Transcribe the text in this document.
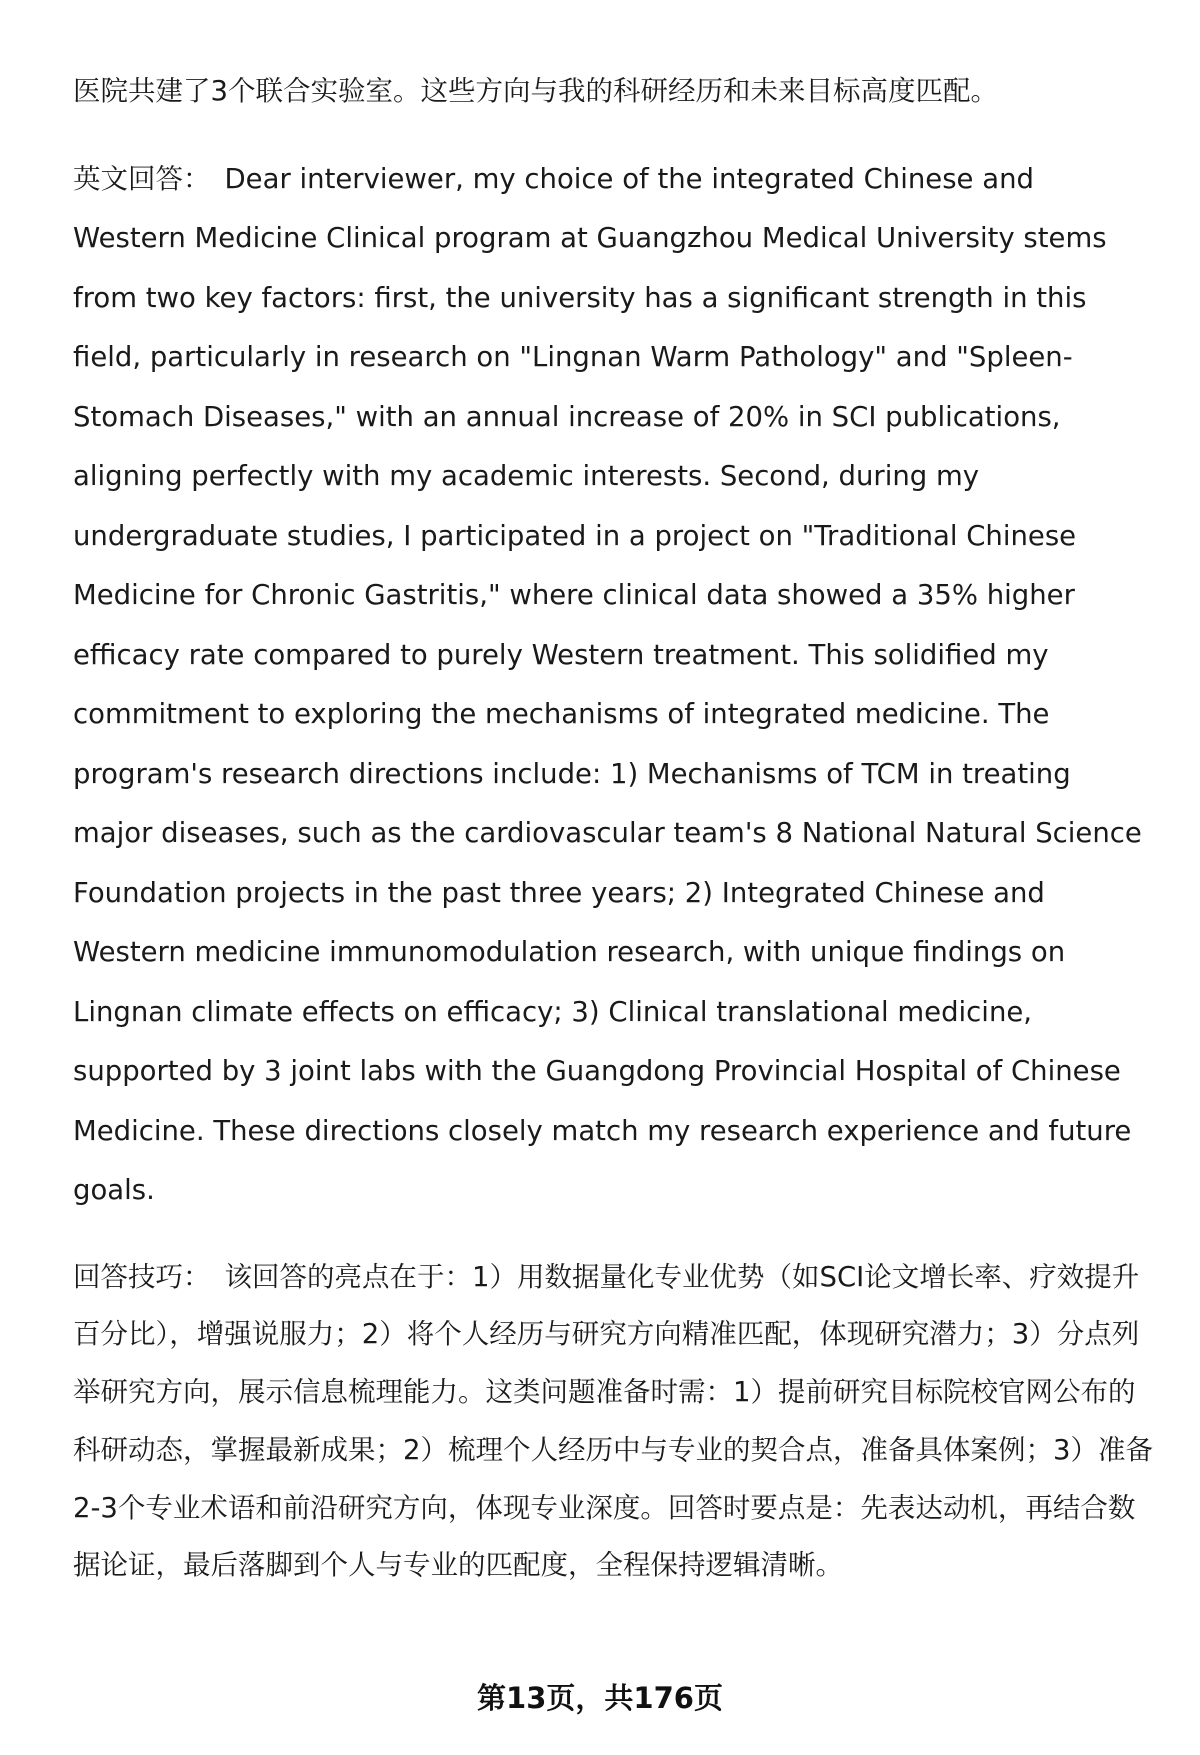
医院共建了3个联合实验室。这些方向与我的科研经历和未来目标高度匹配。

英文回答： Dear interviewer, my choice of the integrated Chinese and Western Medicine Clinical program at Guangzhou Medical University stems from two key factors: first, the university has a significant strength in this field, particularly in research on "Lingnan Warm Pathology" and "Spleen-Stomach Diseases," with an annual increase of 20% in SCI publications, aligning perfectly with my academic interests. Second, during my undergraduate studies, I participated in a project on "Traditional Chinese Medicine for Chronic Gastritis," where clinical data showed a 35% higher efficacy rate compared to purely Western treatment. This solidified my commitment to exploring the mechanisms of integrated medicine. The program's research directions include: 1) Mechanisms of TCM in treating major diseases, such as the cardiovascular team's 8 National Natural Science Foundation projects in the past three years; 2) Integrated Chinese and Western medicine immunomodulation research, with unique findings on Lingnan climate effects on efficacy; 3) Clinical translational medicine, supported by 3 joint labs with the Guangdong Provincial Hospital of Chinese Medicine. These directions closely match my research experience and future goals.

回答技巧： 该回答的亮点在于：1）用数据量化专业优势（如SCI论文增长率、疗效提升百分比），增强说服力；2）将个人经历与研究方向精准匹配，体现研究潜力；3）分点列举研究方向，展示信息梳理能力。这类问题准备时需：1）提前研究目标院校官网公布的科研动态，掌握最新成果；2）梳理个人经历中与专业的契合点，准备具体案例；3）准备2-3个专业术语和前沿研究方向，体现专业深度。回答时要点是：先表达动机，再结合数据论证，最后落脚到个人与专业的匹配度，全程保持逻辑清晰。

第13页，共176页
